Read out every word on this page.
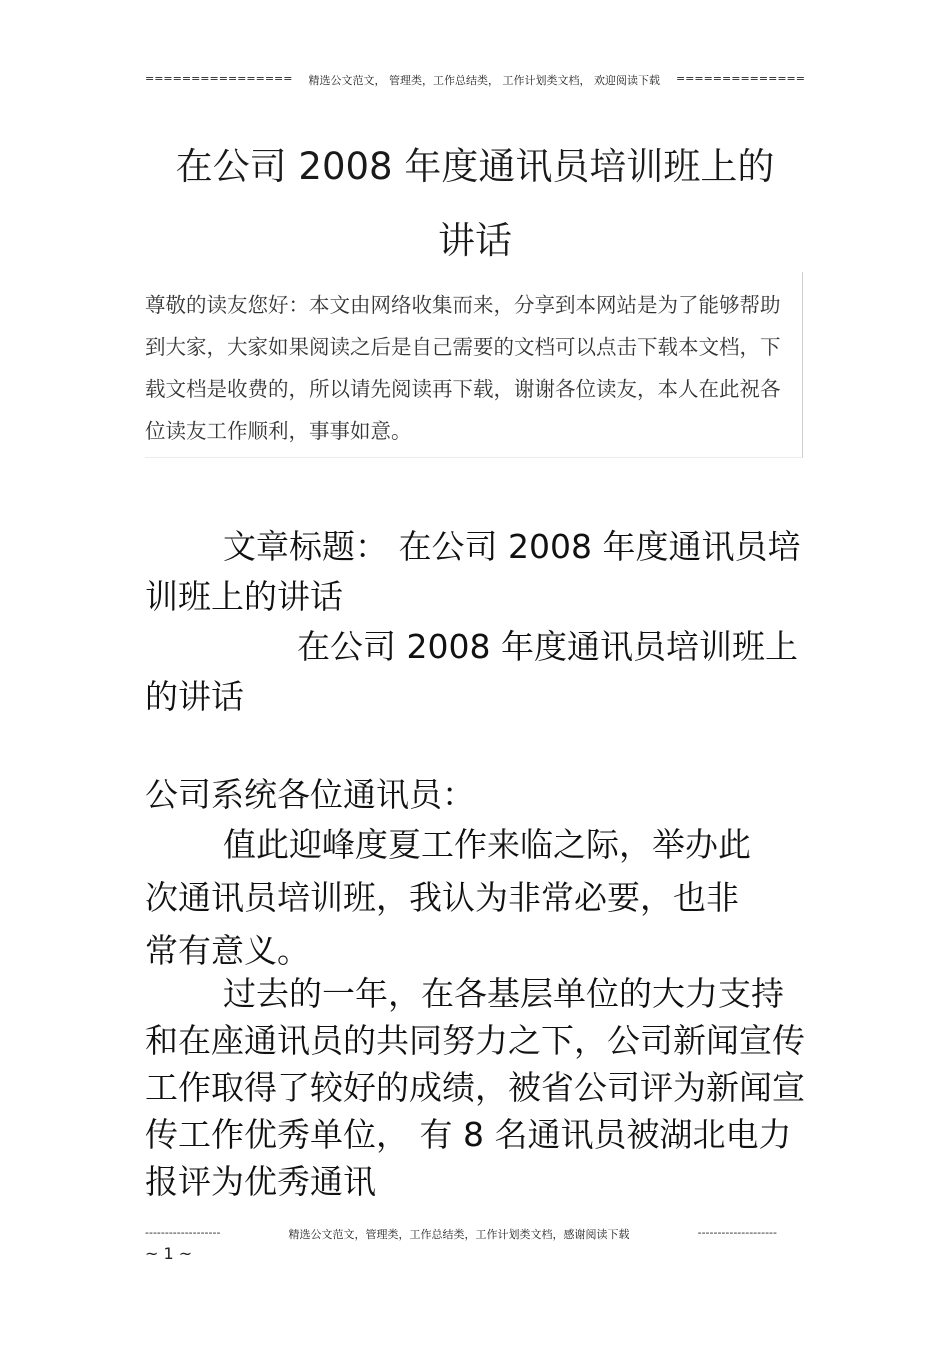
================ 精选公文范文， 管理类，工作总结类， 工作计划类文档， 欢迎阅读下载 ==============
在公司 2008 年度通讯员培训班上的
讲话

尊敬的读友您好：本文由网络收集而来，分享到本网站是为了能够帮助到大家，大家如果阅读之后是自己需要的文档可以点击下载本文档，下载文档是收费的，所以请先阅读再下载，谢谢各位读友，本人在此祝各位读友工作顺利，事事如意。

文章标题： 在公司 2008 年度通讯员培训班上的讲话

在公司 2008 年度通讯员培训班上的讲话

公司系统各位通讯员：

值此迎峰度夏工作来临之际，举办此次通讯员培训班，我认为非常必要，也非常有意义。

过去的一年，在各基层单位的大力支持和在座通讯员的共同努力之下，公司新闻宣传工作取得了较好的成绩，被省公司评为新闻宣传工作优秀单位， 有 8 名通讯员被湖北电力报评为优秀通讯

-------------------	精选公文范文，管理类，工作总结类，工作计划类文档，感谢阅读下载	--------------------
~ 1 ~
